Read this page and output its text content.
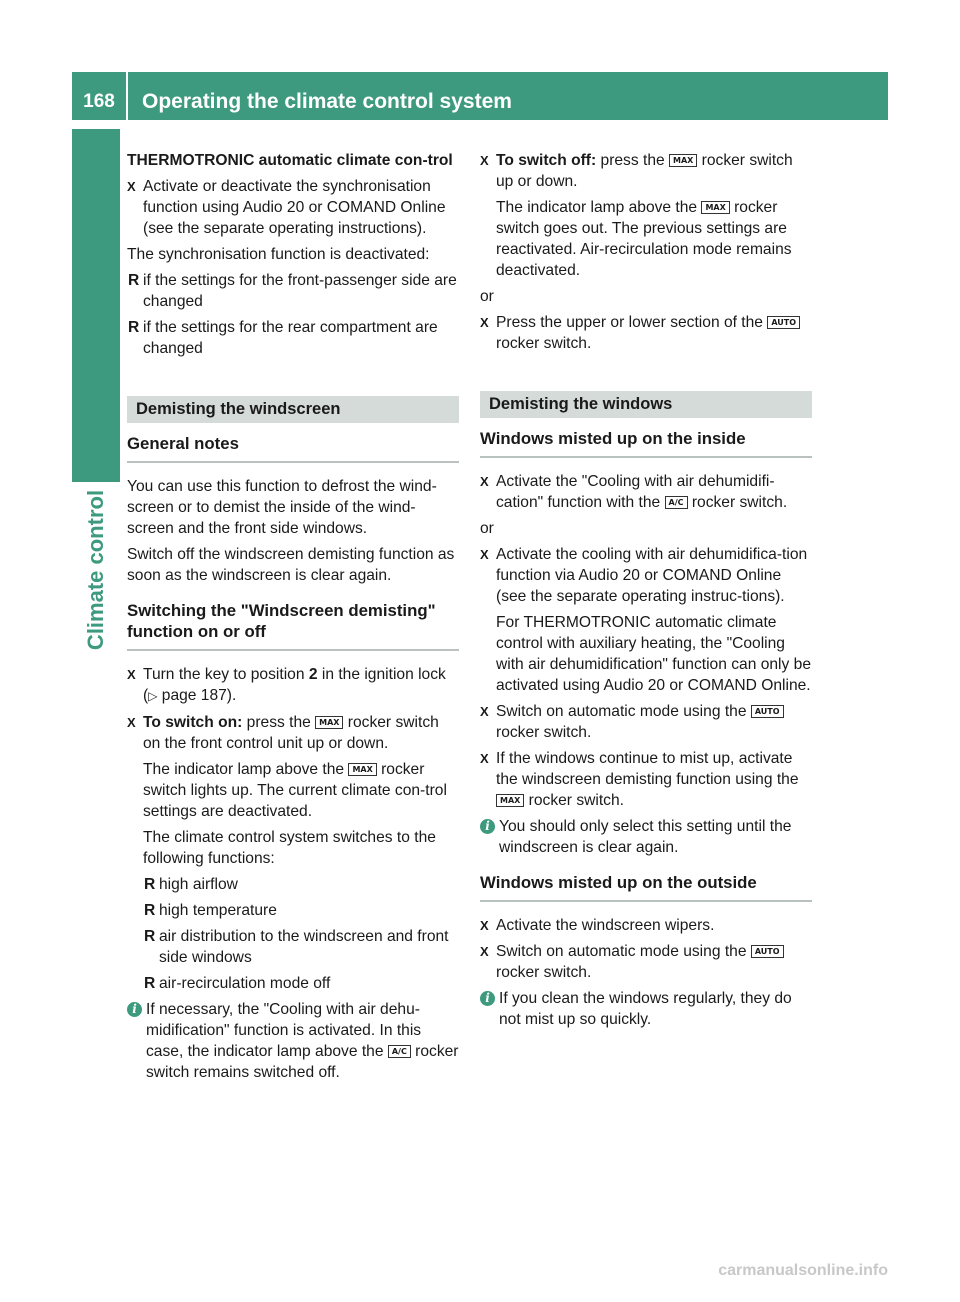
168	Operating the climate control system
Climate control
THERMOTRONIC automatic climate con-trol
X Activate or deactivate the synchronisation function using Audio 20 or COMAND Online (see the separate operating instructions).
The synchronisation function is deactivated:
R if the settings for the front-passenger side are changed
R if the settings for the rear compartment are changed
Demisting the windscreen
General notes
You can use this function to defrost the wind-screen or to demist the inside of the wind-screen and the front side windows.
Switch off the windscreen demisting function as soon as the windscreen is clear again.
Switching the "Windscreen demisting" function on or off
X Turn the key to position 2 in the ignition lock (▷ page 187).
X To switch on: press the MAX rocker switch on the front control unit up or down.
The indicator lamp above the MAX rocker switch lights up. The current climate con-trol settings are deactivated.
The climate control system switches to the following functions:
R high airflow
R high temperature
R air distribution to the windscreen and front side windows
R air-recirculation mode off
i If necessary, the "Cooling with air dehu-midification" function is activated. In this case, the indicator lamp above the A/C rocker switch remains switched off.
X To switch off: press the MAX rocker switch up or down.
The indicator lamp above the MAX rocker switch goes out. The previous settings are reactivated. Air-recirculation mode remains deactivated.
or
X Press the upper or lower section of the AUTO rocker switch.
Demisting the windows
Windows misted up on the inside
X Activate the "Cooling with air dehumidifi-cation" function with the A/C rocker switch.
or
X Activate the cooling with air dehumidifica-tion function via Audio 20 or COMAND Online (see the separate operating instruc-tions).
For THERMOTRONIC automatic climate control with auxiliary heating, the "Cooling with air dehumidification" function can only be activated using Audio 20 or COMAND Online.
X Switch on automatic mode using the AUTO rocker switch.
X If the windows continue to mist up, activate the windscreen demisting function using the MAX rocker switch.
i You should only select this setting until the windscreen is clear again.
Windows misted up on the outside
X Activate the windscreen wipers.
X Switch on automatic mode using the AUTO rocker switch.
i If you clean the windows regularly, they do not mist up so quickly.
carmanualsonline.info
